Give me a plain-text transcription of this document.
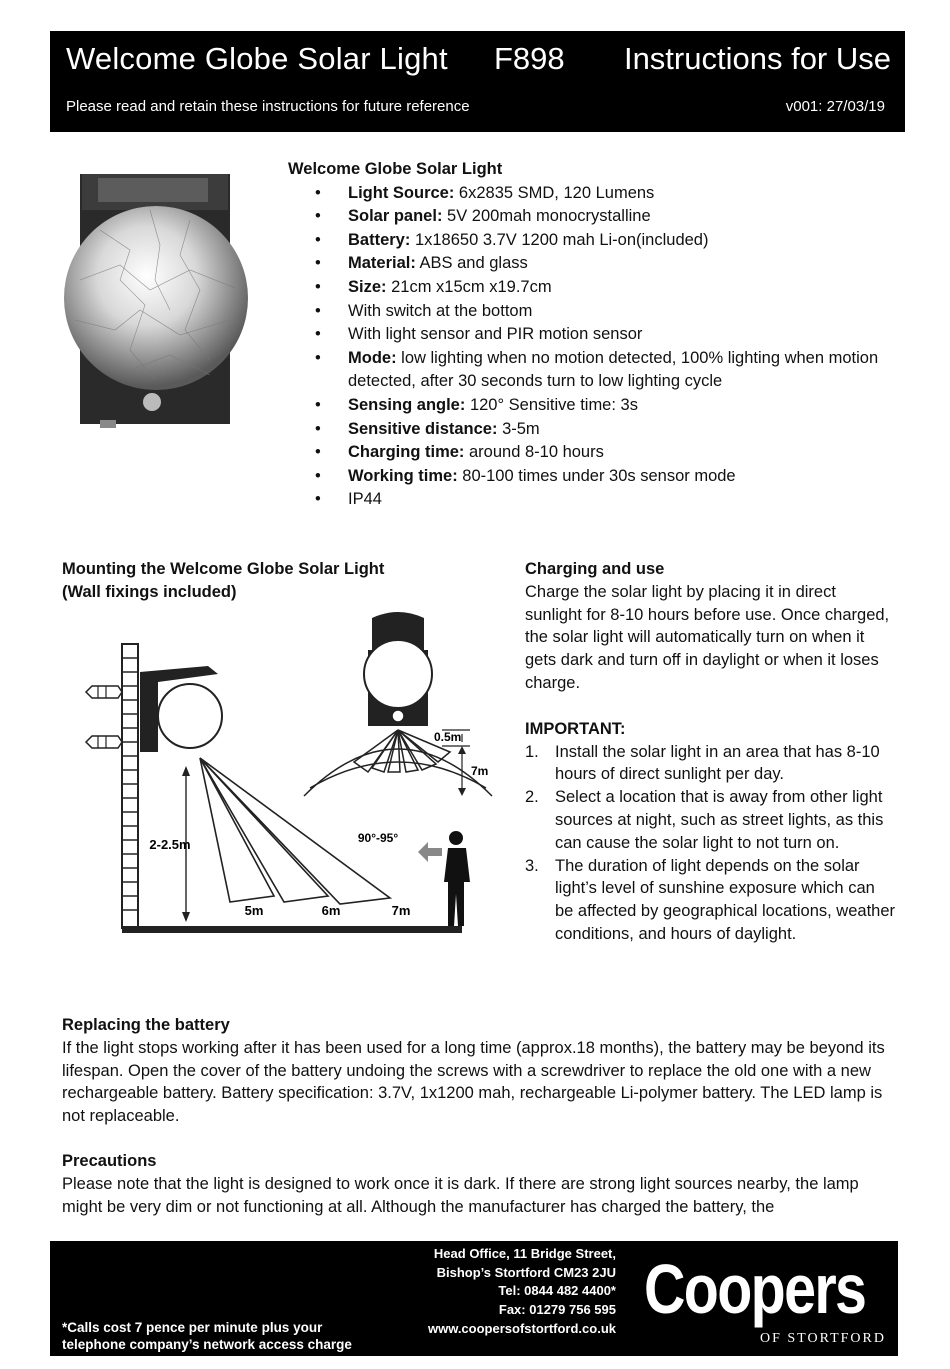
Welcome Globe Solar Light F898 Instructions for Use
Please read and retain these instructions for future reference	v001: 27/03/19
Welcome Globe Solar Light
• Light Source: 6x2835 SMD, 120 Lumens
• Solar panel: 5V 200mah monocrystalline
• Battery: 1x18650 3.7V 1200 mah Li-on(included)
• Material: ABS and glass
• Size: 21cm x15cm x19.7cm
• With switch at the bottom
• With light sensor and PIR motion sensor
• Mode: low lighting when no motion detected, 100% lighting when motion detected, after 30 seconds turn to low lighting cycle
• Sensing angle: 120° Sensitive time: 3s
• Sensitive distance: 3-5m
• Charging time: around 8-10 hours
• Working time: 80-100 times under 30s sensor mode
• IP44
Mounting the Welcome Globe Solar Light
(Wall fixings included)
2-2.5m
5m	6m	7m
0.5m
7m
90°-95°
Charging and use

Charge the solar light by placing it in direct sunlight for 8-10 hours before use. Once charged, the solar light will automatically turn on when it gets dark and turn off in daylight or when it loses charge.

IMPORTANT:
1. Install the solar light in an area that has 8-10 hours of direct sunlight per day.
2. Select a location that is away from other light sources at night, such as street lights, as this can cause the solar light to not turn on.
3. The duration of light depends on the solar light’s level of sunshine exposure which can be affected by geographical locations, weather conditions, and hours of daylight.
Replacing the battery

If the light stops working after it has been used for a long time (approx.18 months), the battery may be beyond its lifespan. Open the cover of the battery undoing the screws with a screwdriver to replace the old one with a new rechargeable battery. Battery specification: 3.7V, 1x1200 mah, rechargeable Li-polymer battery. The LED lamp is not replaceable.

Precautions

Please note that the light is designed to work once it is dark. If there are strong light sources nearby, the lamp might be very dim or not functioning at all. Although the manufacturer has charged the battery, the

*Calls cost 7 pence per minute plus your
telephone company’s network access charge
Head Office, 11 Bridge Street,
Bishop’s Stortford CM23 2JU
Tel: 0844 482 4400*
Fax: 01279 756 595
www.coopersofstortford.co.uk
Coopers
OF STORTFORD
